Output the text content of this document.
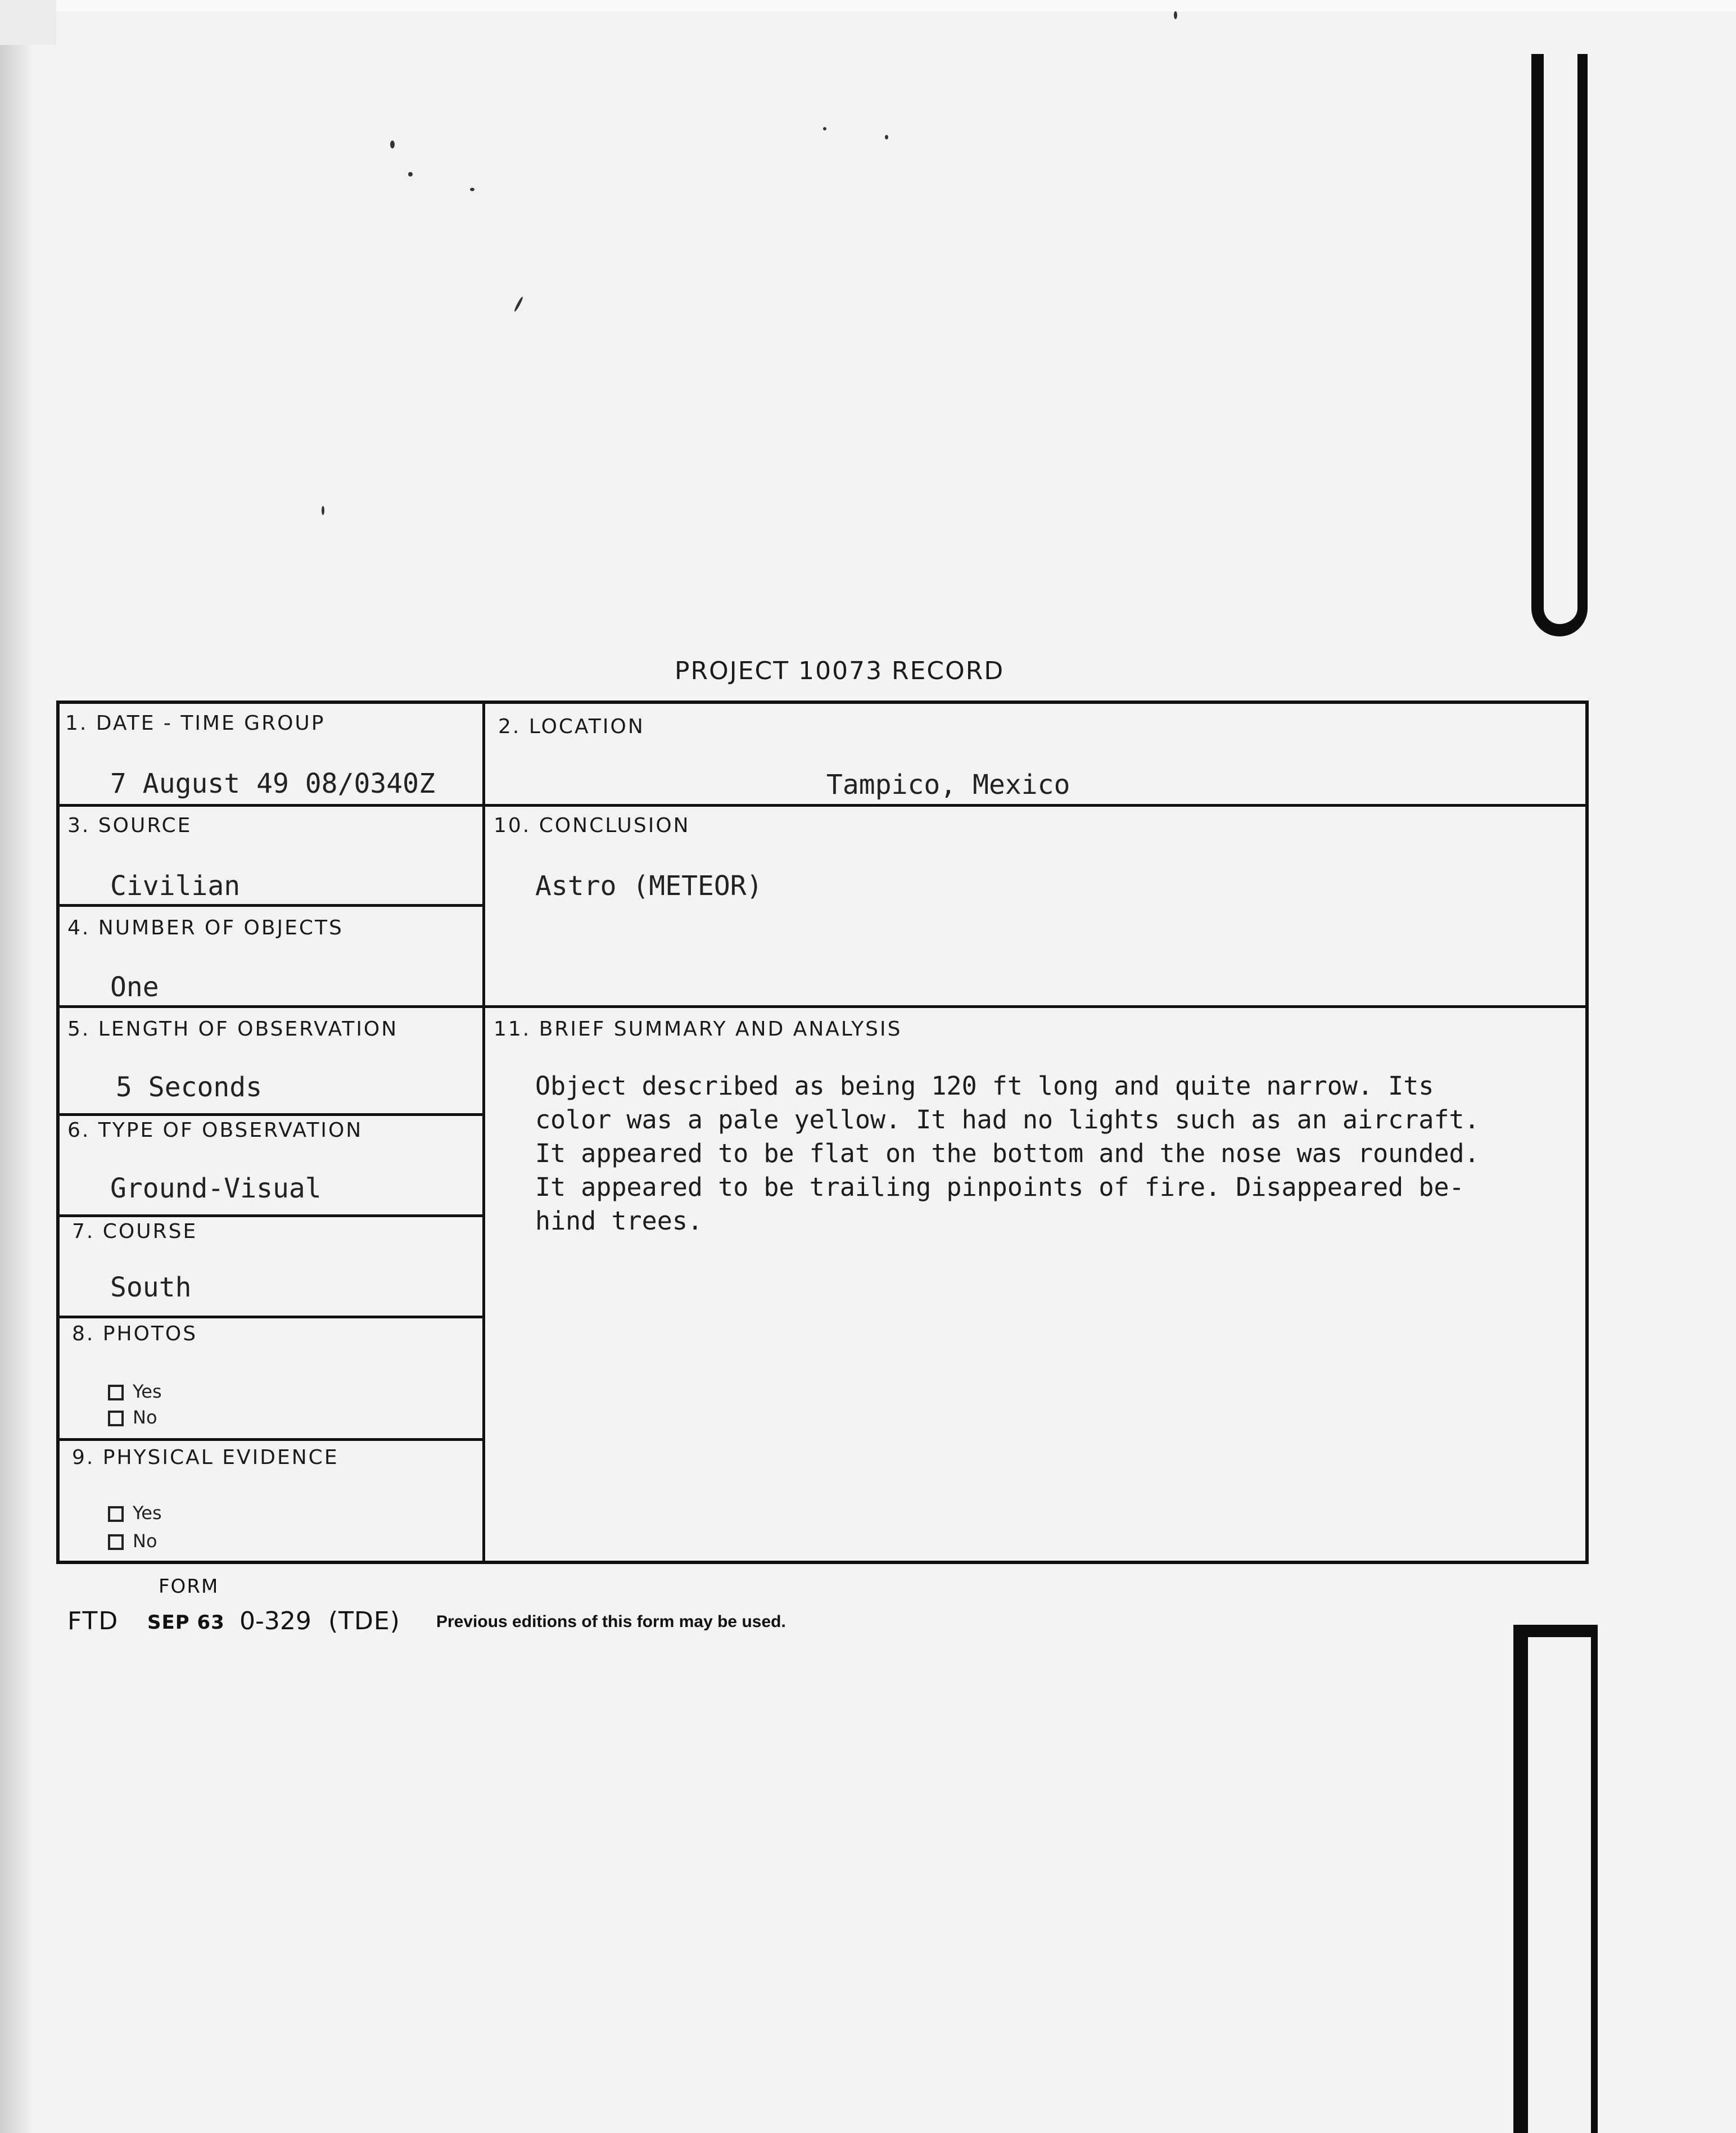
PROJECT 10073 RECORD
1. DATE - TIME GROUP
7 August 49 08/0340Z
2. LOCATION
Tampico, Mexico
3. SOURCE
Civilian
10. CONCLUSION
Astro (METEOR)
4. NUMBER OF OBJECTS
One
5. LENGTH OF OBSERVATION
5 Seconds
11. BRIEF SUMMARY AND ANALYSIS

Object described as being 120 ft long and quite narrow. Its

color was a pale yellow. It had no lights such as an aircraft.

It appeared to be flat on the bottom and the nose was rounded.

It appeared to be trailing pinpoints of fire. Disappeared be-

hind trees.

6. TYPE OF OBSERVATION
Ground-Visual
7. COURSE
South
8. PHOTOS
Yes
No
9. PHYSICAL EVIDENCE
Yes
No
FORM
FTD SEP 63 0-329 (TDE) Previous editions of this form may be used.
